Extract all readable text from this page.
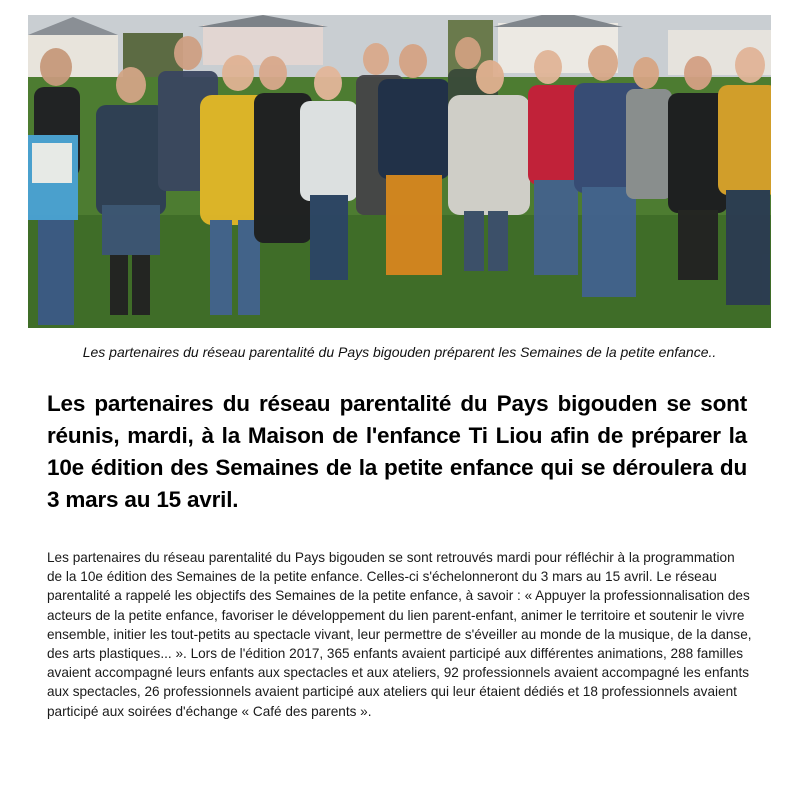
Les partenaires du réseau parentalité du Pays bigouden préparent les Semaines de la petite enfance..

Les partenaires du réseau parentalité du Pays bigouden se sont réunis, mardi, à la Maison de l'enfance Ti Liou afin de préparer la 10e édition des Semaines de la petite enfance qui se déroulera du 3 mars au 15 avril.

Les partenaires du réseau parentalité du Pays bigouden se sont retrouvés mardi pour réfléchir à la programmation de la 10e édition des Semaines de la petite enfance. Celles-ci s'échelonneront du 3 mars au 15 avril. Le réseau parentalité a rappelé les objectifs des Semaines de la petite enfance, à savoir : « Appuyer la professionnalisation des acteurs de la petite enfance, favoriser le développement du lien parent-enfant, animer le territoire et soutenir le vivre ensemble, initier les tout-petits au spectacle vivant, leur permettre de s'éveiller au monde de la musique, de la danse, des arts plastiques... ». Lors de l'édition 2017, 365 enfants avaient participé aux différentes animations, 288 familles avaient accompagné leurs enfants aux spectacles et aux ateliers, 92 professionnels avaient accompagné les enfants aux spectacles, 26 professionnels avaient participé aux ateliers qui leur étaient dédiés et 18 professionnels avaient participé aux soirées d'échange « Café des parents ».
